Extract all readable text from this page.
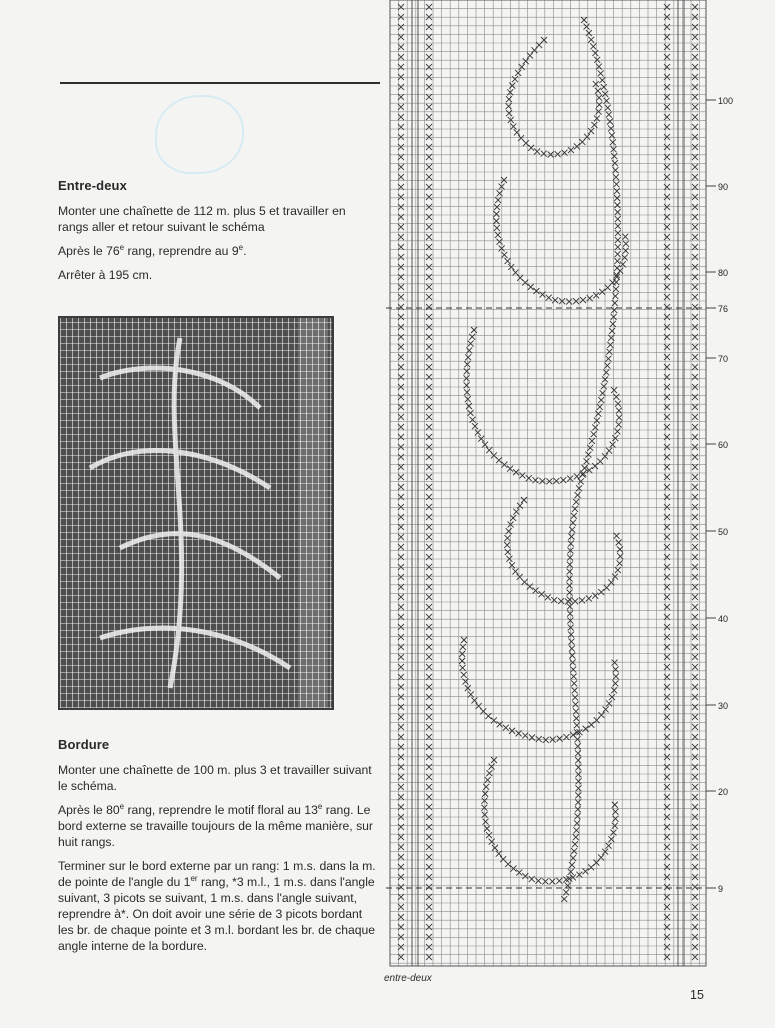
Entre-deux

Monter une chaînette de 112 m. plus 5 et travailler en rangs aller et retour suivant le schéma

Après le 76e rang, reprendre au 9e.

Arrêter à 195 cm.

Bordure

Monter une chaînette de 100 m. plus 3 et travailler suivant le schéma.

Après le 80e rang, reprendre le motif floral au 13e rang. Le bord externe se travaille toujours de la même manière, sur huit rangs.

Terminer sur le bord externe par un rang: 1 m.s. dans la m. de pointe de l'angle du 1er rang, *3 m.l., 1 m.s. dans l'angle suivant, 3 picots se suivant, 1 m.s. dans l'angle suivant, reprendre à*. On doit avoir une série de 3 picots bordant les br. de chaque pointe et 3 m.l. bordant les br. de chaque angle interne de la bordure.

100
90
80
76
70
60
50
40
30
20
9
entre-deux
15
